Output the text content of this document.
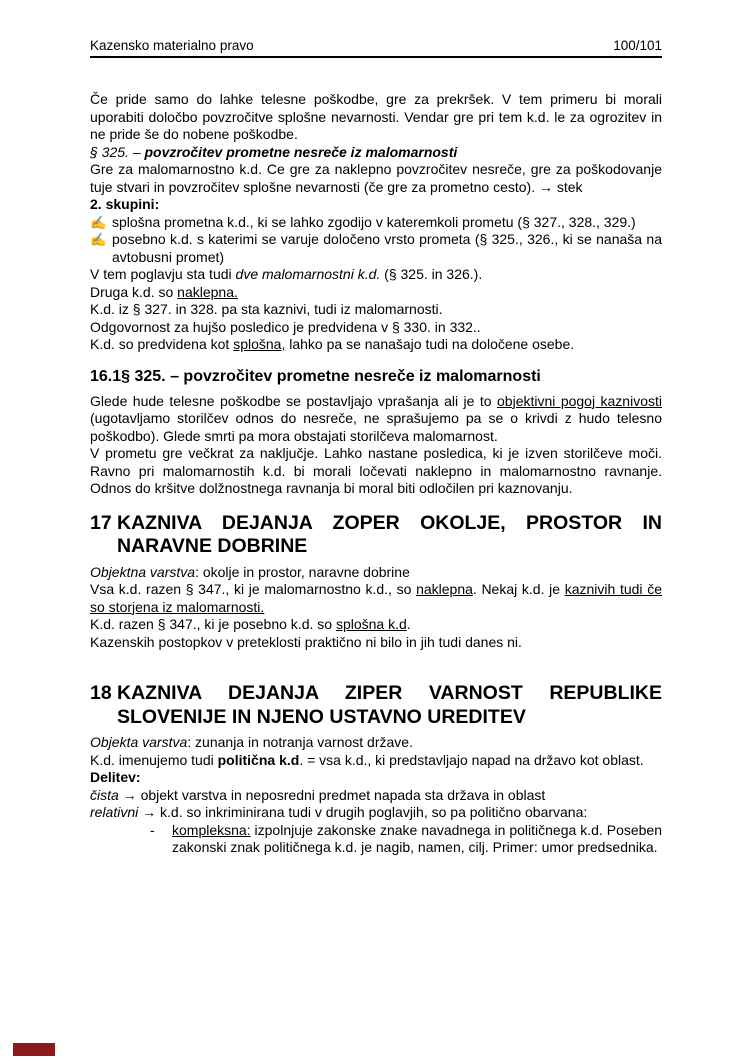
Kazensko materialno pravo	100/101
Če pride samo do lahke telesne poškodbe, gre za prekršek. V tem primeru bi morali uporabiti določbo povzročitve splošne nevarnosti. Vendar gre pri tem k.d. le za ogrozitev in ne pride še do nobene poškodbe.
§ 325. – povzročitev prometne nesreče iz malomarnosti
Gre za malomarnostno k.d. Ce gre za naklepno povzročitev nesreče, gre za poškodovanje tuje stvari in povzročitev splošne nevarnosti (če gre za prometno cesto). → stek
2. skupini:
✍ splošna prometna k.d., ki se lahko zgodijo v kateremkoli prometu (§ 327., 328., 329.)
✍ posebno k.d. s katerimi se varuje določeno vrsto prometa (§ 325., 326., ki se nanaša na avtobusni promet)
V tem poglavju sta tudi dve malomarnostni k.d. (§ 325. in 326.).
Druga k.d. so naklepna.
K.d. iz § 327. in 328. pa sta kaznivi, tudi iz malomarnosti.
Odgovornost za hujšo posledico je predvidena v § 330. in 332..
K.d. so predvidena kot splošna, lahko pa se nanašajo tudi na določene osebe.
16.1§ 325. – povzročitev prometne nesreče iz malomarnosti
Glede hude telesne poškodbe se postavljajo vprašanja ali je to objektivni pogoj kaznivosti (ugotavljamo storilčev odnos do nesreče, ne sprašujemo pa se o krivdi z hudo telesno poškodbo). Glede smrti pa mora obstajati storilčeva malomarnost.
V prometu gre večkrat za naključje. Lahko nastane posledica, ki je izven storilčeve moči. Ravno pri malomarnostih k.d. bi morali ločevati naklepno in malomarnostno ravnanje. Odnos do kršitve dolžnostnega ravnanja bi moral biti odločilen pri kaznovanju.
17 KAZNIVA DEJANJA ZOPER OKOLJE, PROSTOR IN NARAVNE DOBRINE
Objektna varstva: okolje in prostor, naravne dobrine
Vsa k.d. razen § 347., ki je malomarnostno k.d., so naklepna. Nekaj k.d. je kaznivih tudi če so storjena iz malomarnosti.
K.d. razen § 347., ki je posebno k.d. so splošna k.d.
Kazenskih postopkov v preteklosti praktično ni bilo in jih tudi danes ni.
18 KAZNIVA DEJANJA ZIPER VARNOST REPUBLIKE SLOVENIJE IN NJENO USTAVNO UREDITEV
Objekta varstva: zunanja in notranja varnost države.
K.d. imenujemo tudi politična k.d. = vsa k.d., ki predstavljajo napad na državo kot oblast.
Delitev:
čista → objekt varstva in neposredni predmet napada sta država in oblast
relativni → k.d. so inkriminirana tudi v drugih poglavjih, so pa politično obarvana:
-	kompleksna: izpolnjuje zakonske znake navadnega in političnega k.d. Poseben zakonski znak političnega k.d. je nagib, namen, cilj. Primer: umor predsednika.
